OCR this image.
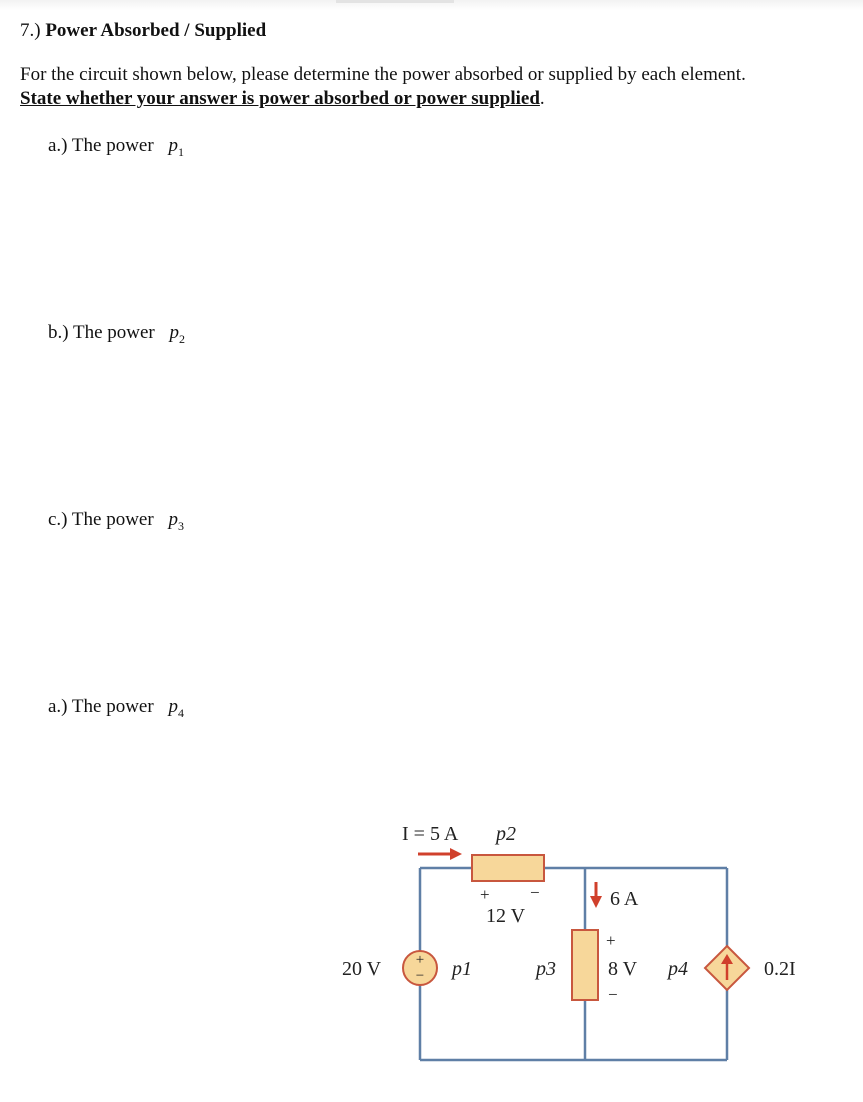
7.) Power Absorbed / Supplied
For the circuit shown below, please determine the power absorbed or supplied by each element.
State whether your answer is power absorbed or power supplied.
a.) The power $p_1$
b.) The power $p_2$
c.) The power $p_3$
a.) The power $p_4$
+
−
I = 5 A p2
+ −
12 V
6 A
20 V	p1	p3
+
8 V
−
p4	0.2I
